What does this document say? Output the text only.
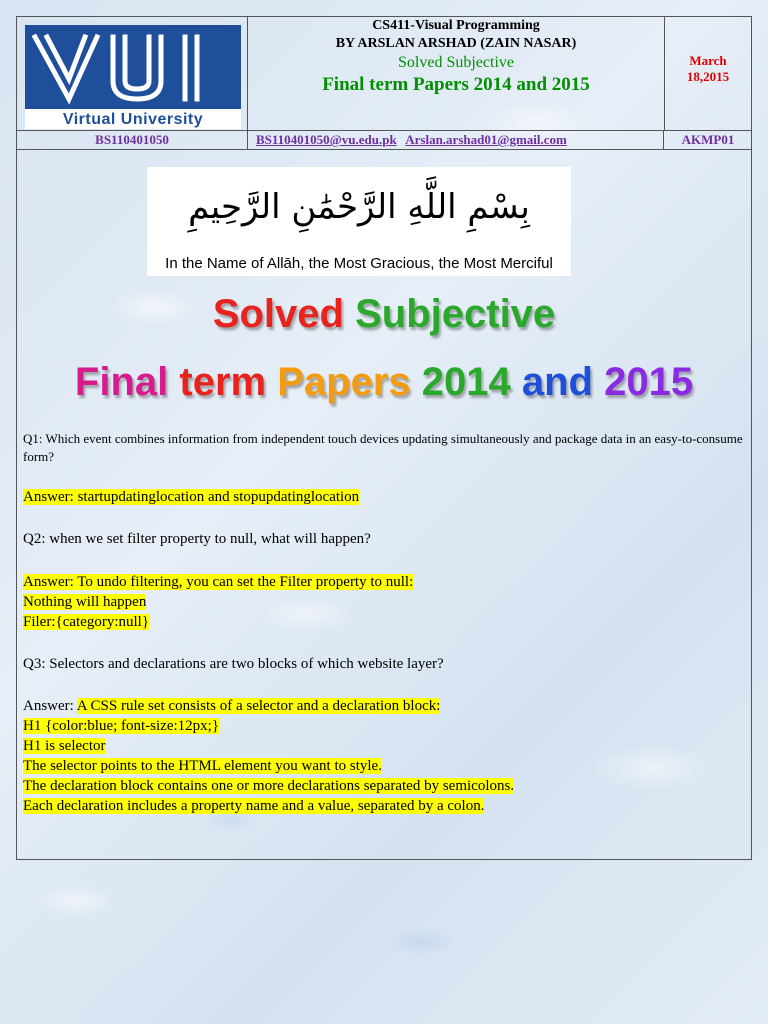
Virtual University
CS411-Visual Programming
BY ARSLAN ARSHAD (ZAIN NASAR)
Solved Subjective
Final term Papers 2014 and 2015
March
18,2015
BS110401050	BS110401050@vu.edu.pk Arslan.arshad01@gmail.com	AKMP01
بِسْمِ اللَّهِ الرَّحْمَٰنِ الرَّحِيمِ
In the Name of Allāh, the Most Gracious, the Most Merciful
Solved Subjective
Final term Papers 2014 and 2015
Q1: Which event combines information from independent touch devices updating simultaneously and package data in an easy-to-consume form?
Answer: startupdatinglocation and stopupdatinglocation
Q2: when we set filter property to null, what will happen?
Answer: To undo filtering, you can set the Filter property to null:
Nothing will happen
Filer:{category:null}
Q3: Selectors and declarations are two blocks of which website layer?
Answer: A CSS rule set consists of a selector and a declaration block:
H1 {color:blue; font-size:12px;}
H1 is selector
The selector points to the HTML element you want to style.
The declaration block contains one or more declarations separated by semicolons.
Each declaration includes a property name and a value, separated by a colon.
